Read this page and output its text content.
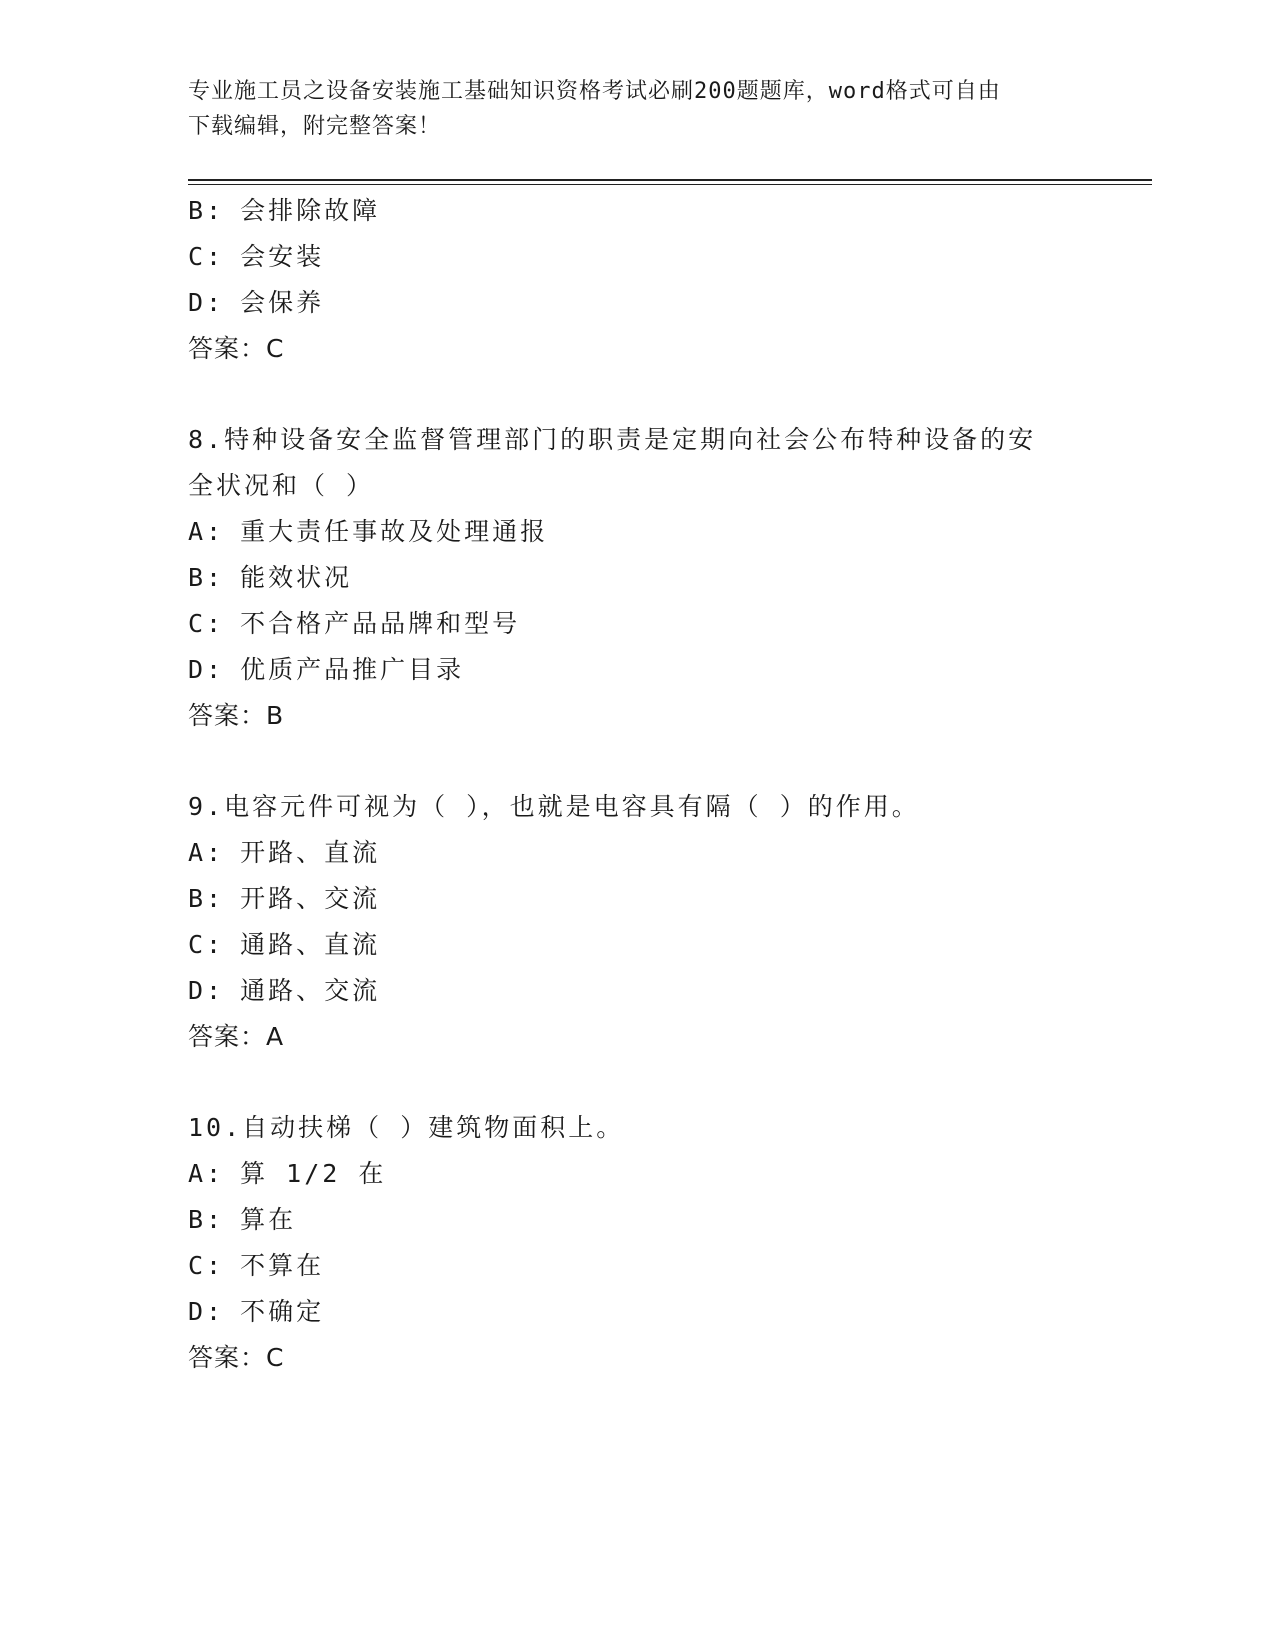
专业施工员之设备安装施工基础知识资格考试必刷200题题库，word格式可自由
下载编辑，附完整答案！
B: 会排除故障
C: 会安装
D: 会保养
答案：C
8.特种设备安全监督管理部门的职责是定期向社会公布特种设备的安
全状况和（ ）
A: 重大责任事故及处理通报
B: 能效状况
C: 不合格产品品牌和型号
D: 优质产品推广目录
答案：B
9.电容元件可视为（ ），也就是电容具有隔（ ）的作用。
A: 开路、直流
B: 开路、交流
C: 通路、直流
D: 通路、交流
答案：A
10.自动扶梯（ ）建筑物面积上。
A: 算 1/2 在
B: 算在
C: 不算在
D: 不确定
答案：C
